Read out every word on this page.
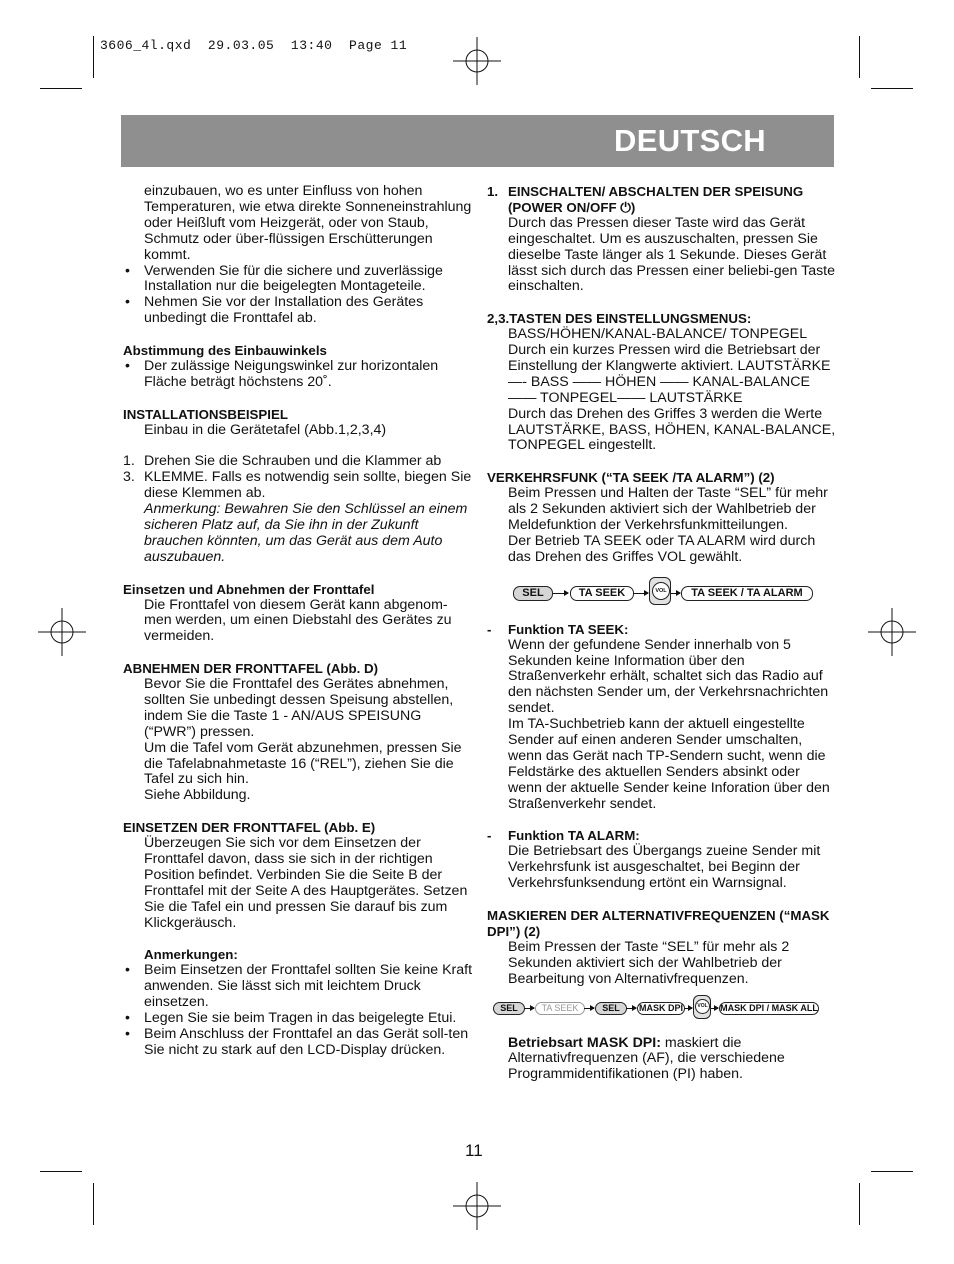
3606_4l.qxd  29.03.05  13:40  Page 11
DEUTSCH

einzubauen, wo es unter Einfluss von hohen Temperaturen, wie etwa direkte Sonneneinstrahlung oder Heißluft vom Heizgerät, oder von Staub, Schmutz oder über-flüssigen Erschütterungen kommt.

• Verwenden Sie für die sichere und zuverlässige Installation nur die beigelegten Montageteile.
• Nehmen Sie vor der Installation des Gerätes unbedingt die Fronttafel ab.
Abstimmung des Einbauwinkels
• Der zulässige Neigungswinkel zur horizontalen Fläche beträgt höchstens 20˚.
INSTALLATIONSBEISPIEL
Einbau in die Gerätetafel (Abb.1,2,3,4)
1. Drehen Sie die Schrauben und die Klammer ab
3. KLEMME. Falls es notwendig sein sollte, biegen Sie diese Klemmen ab.
Anmerkung: Bewahren Sie den Schlüssel an einem sicheren Platz auf, da Sie ihn in der Zukunft brauchen könnten, um das Gerät aus dem Auto auszubauen.
Einsetzen und Abnehmen der Fronttafel
Die Fronttafel von diesem Gerät kann abgenom-men werden, um einen Diebstahl des Gerätes zu vermeiden.
ABNEHMEN DER FRONTTAFEL (Abb. D)
Bevor Sie die Fronttafel des Gerätes abnehmen, sollten Sie unbedingt dessen Speisung abstellen, indem Sie die Taste 1 - AN/AUS SPEISUNG (“PWR”) pressen.
Um die Tafel vom Gerät abzunehmen, pressen Sie die Tafelabnahmetaste 16 (“REL”), ziehen Sie die Tafel zu sich hin.
Siehe Abbildung.
EINSETZEN DER FRONTTAFEL (Abb. E)
Überzeugen Sie sich vor dem Einsetzen der Fronttafel davon, dass sie sich in der richtigen Position befindet. Verbinden Sie die Seite B der Fronttafel mit der Seite A des Hauptgerätes. Setzen Sie die Tafel ein und pressen Sie darauf bis zum Klickgeräusch.
Anmerkungen:
• Beim Einsetzen der Fronttafel sollten Sie keine Kraft anwenden. Sie lässt sich mit leichtem Druck einsetzen.
• Legen Sie sie beim Tragen in das beigelegte Etui.
• Beim Anschluss der Fronttafel an das Gerät soll-ten Sie nicht zu stark auf den LCD-Display drücken.
1. EINSCHALTEN/ ABSCHALTEN DER SPEISUNG (POWER ON/OFF ⏻)
Durch das Pressen dieser Taste wird das Gerät eingeschaltet. Um es auszuschalten, pressen Sie dieselbe Taste länger als 1 Sekunde. Dieses Gerät lässt sich durch das Pressen einer beliebi-gen Taste einschalten.
2,3.TASTEN DES EINSTELLUNGSMENUS:
BASS/HÖHEN/KANAL-BALANCE/ TONPEGEL
Durch ein kurzes Pressen wird die Betriebsart der Einstellung der Klangwerte aktiviert. LAUTSTÄRKE —- BASS —— HÖHEN —— KANAL-BALANCE —— TONPEGEL—— LAUTSTÄRKE
Durch das Drehen des Griffes 3 werden die Werte LAUTSTÄRKE, BASS, HÖHEN, KANAL-BALANCE, TONPEGEL eingestellt.
VERKEHRSFUNK (“TA SEEK /TA ALARM”) (2)
Beim Pressen und Halten der Taste “SEL” für mehr als 2 Sekunden aktiviert sich der Wahlbetrieb der Meldefunktion der Verkehrsfunkmitteilungen.
Der Betrieb TA SEEK oder TA ALARM wird durch das Drehen des Griffes VOL gewählt.
SEL	TA SEEK	VOL	TA SEEK / TA ALARM
- Funktion TA SEEK:
Wenn der gefundene Sender innerhalb von 5 Sekunden keine Information über den Straßenverkehr erhält, schaltet sich das Radio auf den nächsten Sender um, der Verkehrsnachrichten sendet.
Im TA-Suchbetrieb kann der aktuell eingestellte Sender auf einen anderen Sender umschalten, wenn das Gerät nach TP-Sendern sucht, wenn die Feldstärke des aktuellen Senders absinkt oder wenn der aktuelle Sender keine Inforation über den Straßenverkehr sendet.
- Funktion TA ALARM:
Die Betriebsart des Übergangs zueine Sender mit Verkehrsfunk ist ausgeschaltet, bei Beginn der Verkehrsfunksendung ertönt ein Warnsignal.
MASKIEREN DER ALTERNATIVFREQUENZEN (“MASK DPI”) (2)
Beim Pressen der Taste “SEL” für mehr als 2 Sekunden aktiviert sich der Wahlbetrieb der Bearbeitung von Alternativfrequenzen.
SEL	TA SEEK	SEL	MASK DPI	VOL MASK DPI / MASK ALL
Betriebsart MASK DPI: maskiert die Alternativfrequenzen (AF), die verschiedene Programmidentifikationen (PI) haben.
11
